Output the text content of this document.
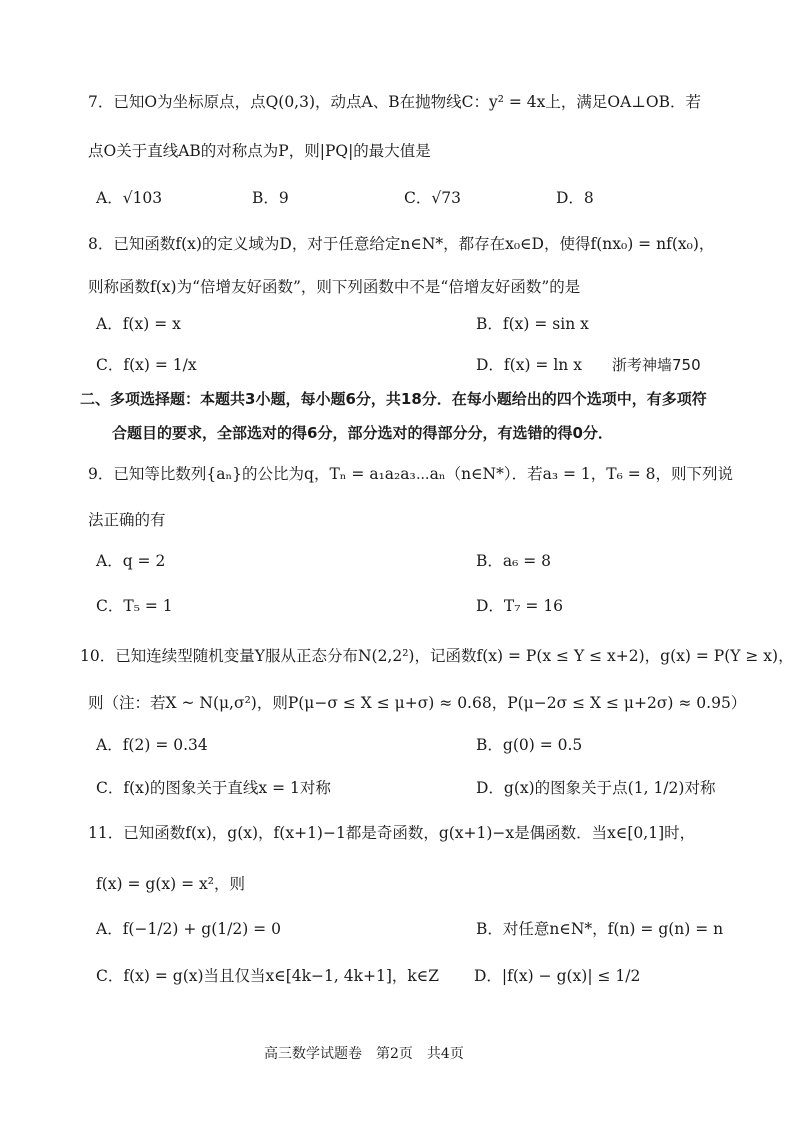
7．已知O为坐标原点，点Q(0,3)，动点A、B在抛物线C：y² = 4x上，满足OA⊥OB．若
点O关于直线AB的对称点为P，则|PQ|的最大值是
A．√103	B．9	C．√73	D．8
8．已知函数f(x)的定义域为D，对于任意给定n∈N*，都存在x₀∈D，使得f(nx₀) = nf(x₀)，
则称函数f(x)为“倍增友好函数”，则下列函数中不是“倍增友好函数”的是
A．f(x) = x	B．f(x) = sin x
C．f(x) = 1/x	D．f(x) = ln x 浙考神墙750
二、多项选择题：本题共3小题，每小题6分，共18分．在每小题给出的四个选项中，有多项符
合题目的要求，全部选对的得6分，部分选对的得部分分，有选错的得0分．
9．已知等比数列{aₙ}的公比为q，Tₙ = a₁a₂a₃⋯aₙ（n∈N*）．若a₃ = 1，T₆ = 8，则下列说
法正确的有
A．q = 2	B．a₆ = 8
C．T₅ = 1	D．T₇ = 16
10．已知连续型随机变量Y服从正态分布N(2,2²)，记函数f(x) = P(x ≤ Y ≤ x+2)，g(x) = P(Y ≥ x)，
则（注：若X ~ N(μ,σ²)，则P(μ−σ ≤ X ≤ μ+σ) ≈ 0.68，P(μ−2σ ≤ X ≤ μ+2σ) ≈ 0.95）
A．f(2) = 0.34	B．g(0) = 0.5
C．f(x)的图象关于直线x = 1对称	D．g(x)的图象关于点(1, 1/2)对称
11．已知函数f(x)，g(x)，f(x+1)−1都是奇函数，g(x+1)−x是偶函数．当x∈[0,1]时，
f(x) = g(x) = x²，则
A．f(−1/2) + g(1/2) = 0	B．对任意n∈N*，f(n) = g(n) = n
C．f(x) = g(x)当且仅当x∈[4k−1, 4k+1]，k∈Z D．|f(x) − g(x)| ≤ 1/2
高三数学试题卷　第2页　共4页
